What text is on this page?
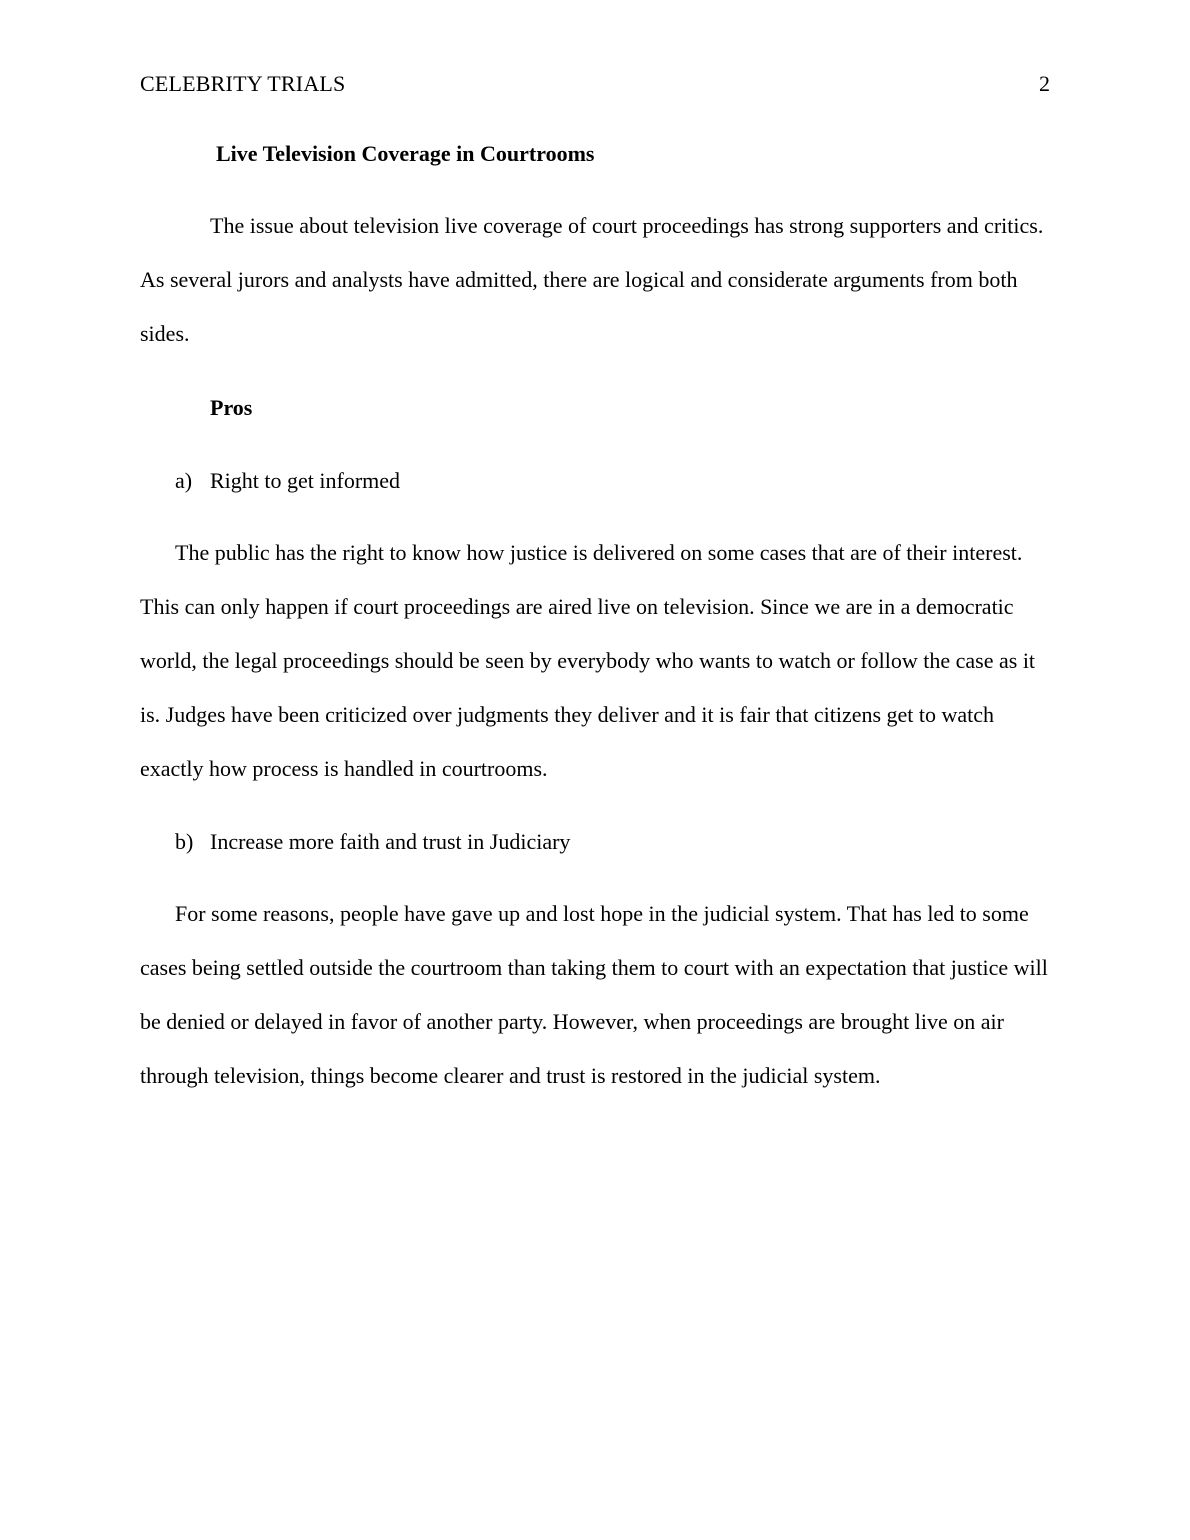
CELEBRITY TRIALS	2
Live Television Coverage in Courtrooms

The issue about television live coverage of court proceedings has strong supporters and critics. As several jurors and analysts have admitted, there are logical and considerate arguments from both sides.

Pros
a) Right to get informed

The public has the right to know how justice is delivered on some cases that are of their interest. This can only happen if court proceedings are aired live on television. Since we are in a democratic world, the legal proceedings should be seen by everybody who wants to watch or follow the case as it is. Judges have been criticized over judgments they deliver and it is fair that citizens get to watch exactly how process is handled in courtrooms.

b) Increase more faith and trust in Judiciary

For some reasons, people have gave up and lost hope in the judicial system. That has led to some cases being settled outside the courtroom than taking them to court with an expectation that justice will be denied or delayed in favor of another party. However, when proceedings are brought live on air through television, things become clearer and trust is restored in the judicial system.
